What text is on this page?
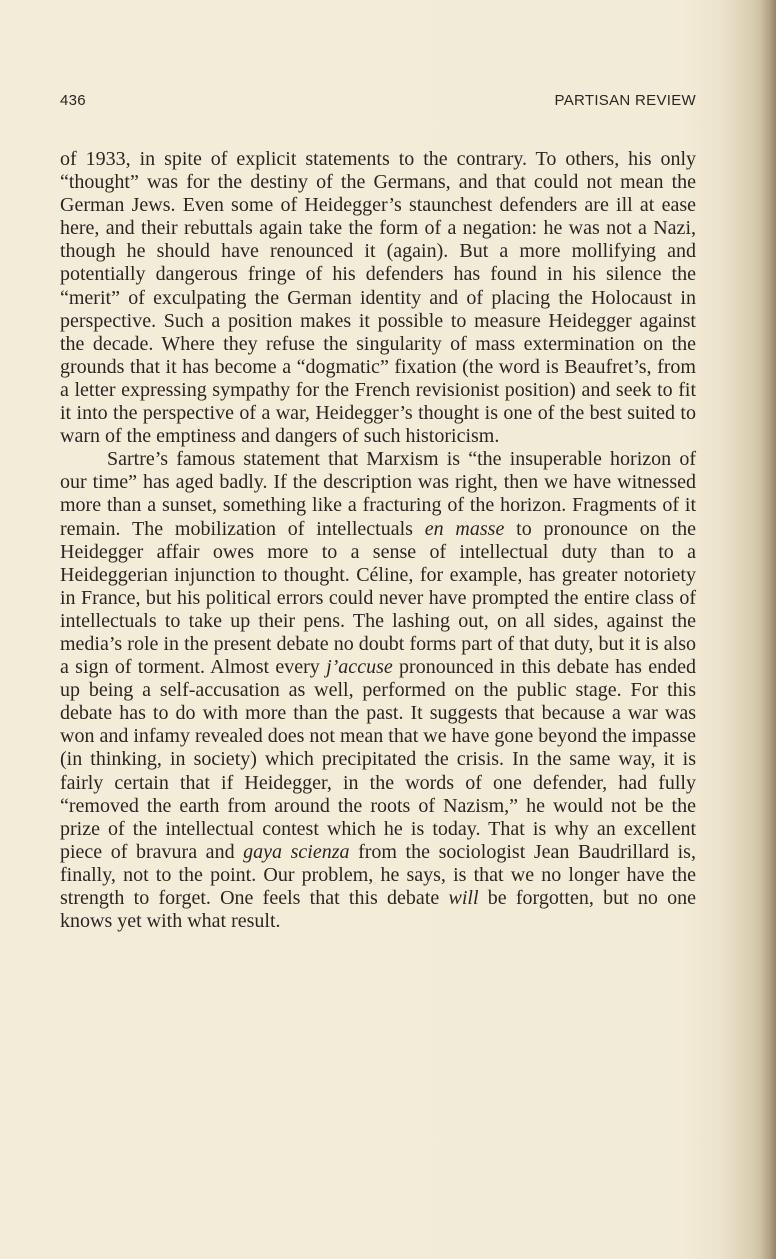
436	PARTISAN REVIEW

of 1933, in spite of explicit statements to the contrary. To others, his only “thought” was for the destiny of the Germans, and that could not mean the German Jews. Even some of Heidegger’s staunchest defenders are ill at ease here, and their rebuttals again take the form of a negation: he was not a Nazi, though he should have renounced it (again). But a more mollifying and potentially dangerous fringe of his defenders has found in his silence the “merit” of exculpating the German identity and of placing the Holocaust in perspective. Such a position makes it possible to measure Heidegger against the decade. Where they refuse the singularity of mass extermination on the grounds that it has become a “dogmatic” fixation (the word is Beaufret’s, from a letter expressing sympathy for the French revisionist position) and seek to fit it into the perspective of a war, Heidegger’s thought is one of the best suited to warn of the emptiness and dangers of such historicism.

Sartre’s famous statement that Marxism is “the insuperable horizon of our time” has aged badly. If the description was right, then we have witnessed more than a sunset, something like a fracturing of the horizon. Fragments of it remain. The mobilization of intellectuals en masse to pronounce on the Heidegger affair owes more to a sense of intellectual duty than to a Heideggerian injunction to thought. Céline, for example, has greater notoriety in France, but his political errors could never have prompted the entire class of intellectuals to take up their pens. The lashing out, on all sides, against the media’s role in the present debate no doubt forms part of that duty, but it is also a sign of torment. Almost every j’accuse pronounced in this debate has ended up being a self-accusation as well, performed on the public stage. For this debate has to do with more than the past. It suggests that because a war was won and infamy revealed does not mean that we have gone beyond the impasse (in thinking, in society) which precipitated the crisis. In the same way, it is fairly certain that if Heidegger, in the words of one defender, had fully “removed the earth from around the roots of Nazism,” he would not be the prize of the intellectual contest which he is today. That is why an excellent piece of bravura and gaya scienza from the sociologist Jean Baudrillard is, finally, not to the point. Our problem, he says, is that we no longer have the strength to forget. One feels that this debate will be forgotten, but no one knows yet with what result.
